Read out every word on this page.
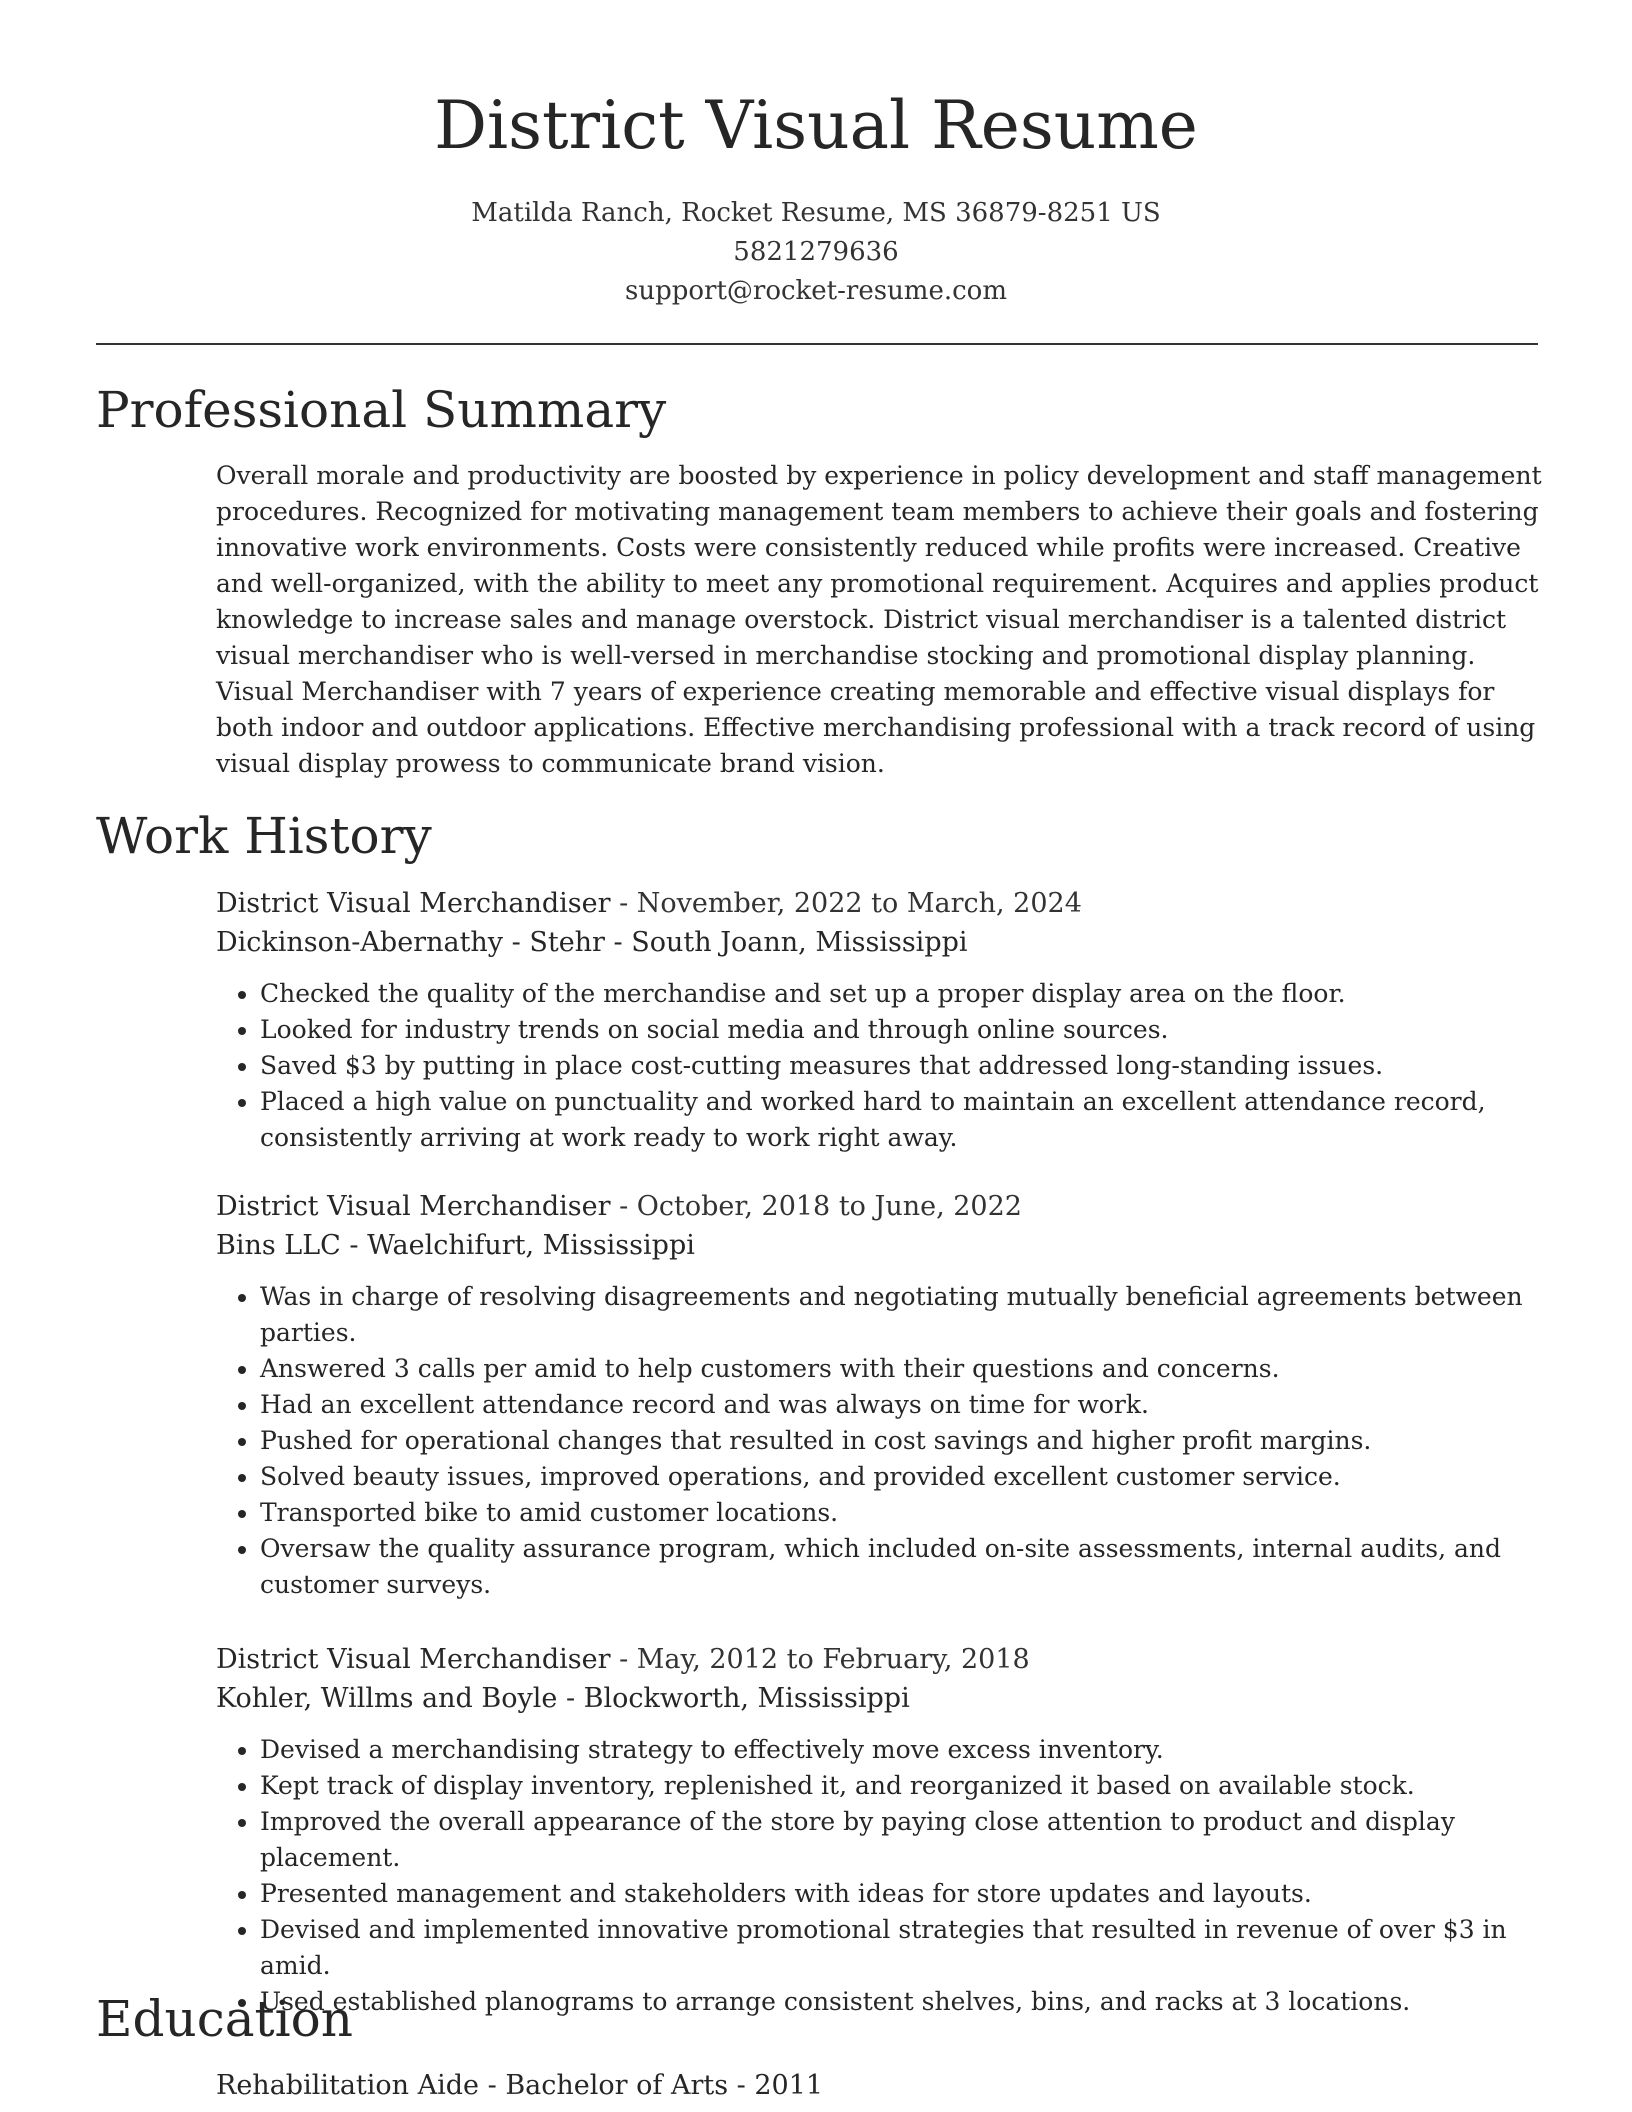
District Visual Resume
Matilda Ranch, Rocket Resume, MS 36879-8251 US
5821279636
support@rocket-resume.com
Professional Summary

Overall morale and productivity are boosted by experience in policy development and staff management procedures. Recognized for motivating management team members to achieve their goals and fostering innovative work environments. Costs were consistently reduced while profits were increased. Creative and well-organized, with the ability to meet any promotional requirement. Acquires and applies product knowledge to increase sales and manage overstock. District visual merchandiser is a talented district visual merchandiser who is well-versed in merchandise stocking and promotional display planning. Visual Merchandiser with 7 years of experience creating memorable and effective visual displays for both indoor and outdoor applications. Effective merchandising professional with a track record of using visual display prowess to communicate brand vision.

Work History
District Visual Merchandiser - November, 2022 to March, 2024
Dickinson-Abernathy - Stehr - South Joann, Mississippi
• Checked the quality of the merchandise and set up a proper display area on the floor.
• Looked for industry trends on social media and through online sources.
• Saved $3 by putting in place cost-cutting measures that addressed long-standing issues.
• Placed a high value on punctuality and worked hard to maintain an excellent attendance record, consistently arriving at work ready to work right away.
District Visual Merchandiser - October, 2018 to June, 2022
Bins LLC - Waelchifurt, Mississippi
• Was in charge of resolving disagreements and negotiating mutually beneficial agreements between parties.
• Answered 3 calls per amid to help customers with their questions and concerns.
• Had an excellent attendance record and was always on time for work.
• Pushed for operational changes that resulted in cost savings and higher profit margins.
• Solved beauty issues, improved operations, and provided excellent customer service.
• Transported bike to amid customer locations.
• Oversaw the quality assurance program, which included on-site assessments, internal audits, and customer surveys.
District Visual Merchandiser - May, 2012 to February, 2018
Kohler, Willms and Boyle - Blockworth, Mississippi
• Devised a merchandising strategy to effectively move excess inventory.
• Kept track of display inventory, replenished it, and reorganized it based on available stock.
• Improved the overall appearance of the store by paying close attention to product and display placement.
• Presented management and stakeholders with ideas for store updates and layouts.
• Devised and implemented innovative promotional strategies that resulted in revenue of over $3 in amid.
• Used established planograms to arrange consistent shelves, bins, and racks at 3 locations.
Education
Rehabilitation Aide - Bachelor of Arts - 2011
